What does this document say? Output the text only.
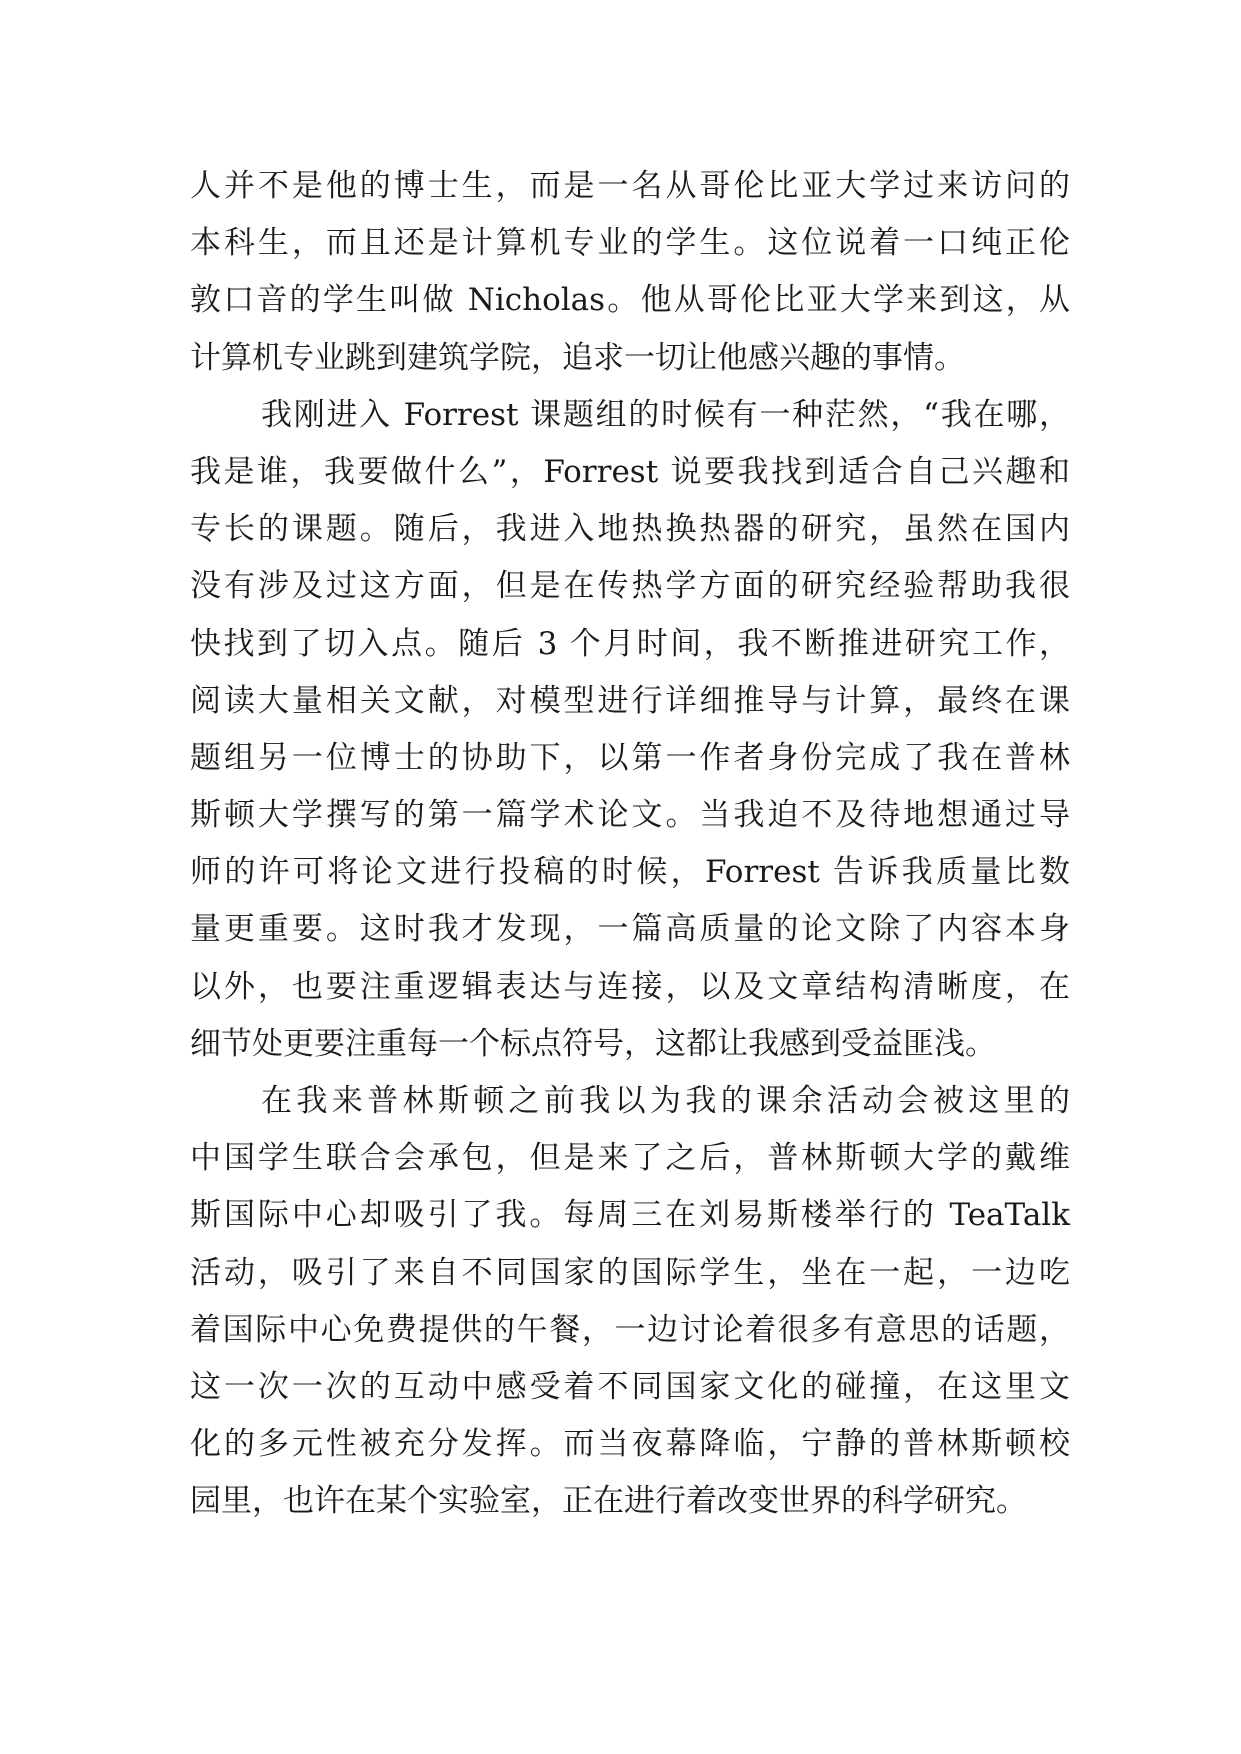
人并不是他的博士生，而是一名从哥伦比亚大学过来访问的
本科生，而且还是计算机专业的学生。这位说着一口纯正伦
敦口音的学生叫做 Nicholas。他从哥伦比亚大学来到这，从
计算机专业跳到建筑学院，追求一切让他感兴趣的事情。
我刚进入 Forrest 课题组的时候有一种茫然，“我在哪，
我是谁，我要做什么”，Forrest 说要我找到适合自己兴趣和
专长的课题。随后，我进入地热换热器的研究，虽然在国内
没有涉及过这方面，但是在传热学方面的研究经验帮助我很
快找到了切入点。随后 3 个月时间，我不断推进研究工作，
阅读大量相关文献，对模型进行详细推导与计算，最终在课
题组另一位博士的协助下，以第一作者身份完成了我在普林
斯顿大学撰写的第一篇学术论文。当我迫不及待地想通过导
师的许可将论文进行投稿的时候，Forrest 告诉我质量比数
量更重要。这时我才发现，一篇高质量的论文除了内容本身
以外，也要注重逻辑表达与连接，以及文章结构清晰度，在
细节处更要注重每一个标点符号，这都让我感到受益匪浅。
在我来普林斯顿之前我以为我的课余活动会被这里的
中国学生联合会承包，但是来了之后，普林斯顿大学的戴维
斯国际中心却吸引了我。每周三在刘易斯楼举行的 TeaTalk
活动，吸引了来自不同国家的国际学生，坐在一起，一边吃
着国际中心免费提供的午餐，一边讨论着很多有意思的话题，
这一次一次的互动中感受着不同国家文化的碰撞，在这里文
化的多元性被充分发挥。而当夜幕降临，宁静的普林斯顿校
园里，也许在某个实验室，正在进行着改变世界的科学研究。
